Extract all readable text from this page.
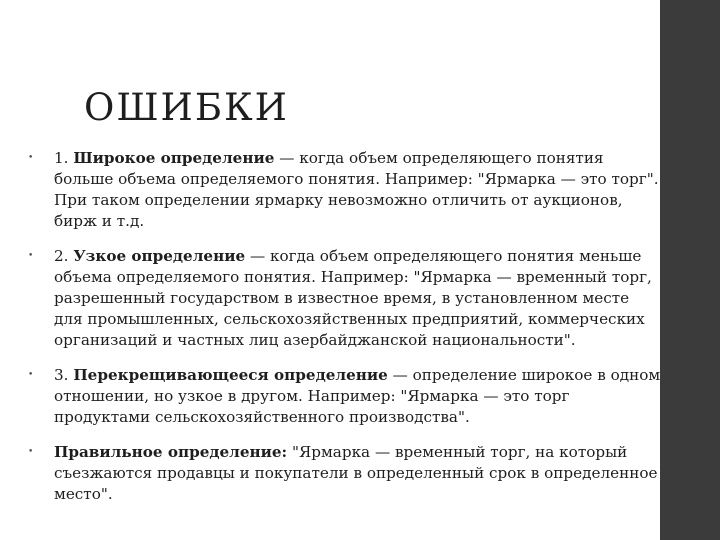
ОШИБКИ
• 1. Широкое определение — когда объем определяющего понятия больше объема определяемого понятия. Например: "Ярмарка — это торг". При таком определении ярмарку невозможно отличить от аукционов, бирж и т.д.
• 2. Узкое определение — когда объем определяющего понятия меньше объема определяемого понятия. Например: "Ярмарка — временный торг, разрешенный государством в известное время, в установленном месте для промышленных, сельскохозяйственных предприятий, коммерческих организаций и частных лиц азербайджанской национальности".
• 3. Перекрещивающееся определение — определение широкое в одном отношении, но узкое в другом. Например: "Ярмарка — это торг продуктами сельскохозяйственного производства".
• Правильное определение: "Ярмарка — временный торг, на который съезжаются продавцы и покупатели в определенный срок в определенное место".
